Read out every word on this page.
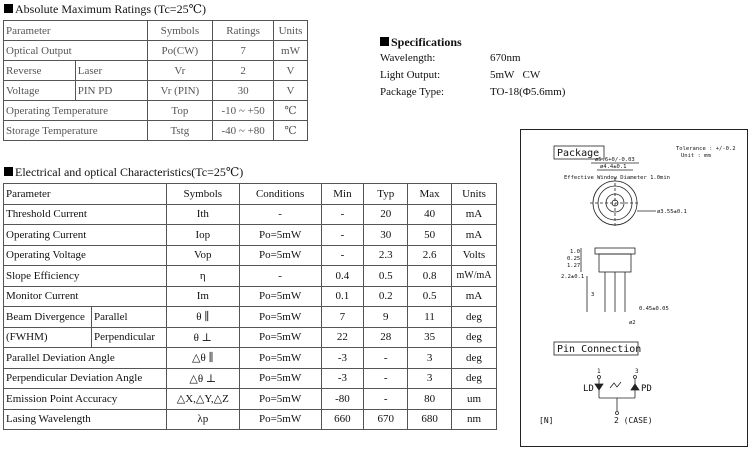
Absolute Maximum Ratings (Tc=25℃)
Parameter		Symbols	Ratings	Units
Optical Output		Po(CW)	7	mW
Reverse	Laser	Vr	2	V
Voltage	PIN PD	Vr (PIN)	30	V
Operating Temperature		Top	-10 ~ +50	℃
Storage Temperature		Tstg	-40 ~ +80	℃
Specifications
Wavelength:	670nm
Light Output:	5mW   CW
Package Type:	TO-18(Φ5.6mm)
Electrical and optical Characteristics(Tc=25℃)
Parameter		Symbols	Conditions	Min	Typ	Max	Units
Threshold Current		Ith	-	-	20	40	mA
Operating Current		Iop	Po=5mW	-	30	50	mA
Operating Voltage		Vop	Po=5mW	-	2.3	2.6	Volts
Slope Efficiency		η	-	0.4	0.5	0.8	mW/mA
Monitor Current		Im	Po=5mW	0.1	0.2	0.5	mA
Beam Divergence	Parallel	θ ∥	Po=5mW	7	9	11	deg
(FWHM)	Perpendicular	θ ⊥	Po=5mW	22	28	35	deg
Parallel Deviation Angle		△θ ∥	Po=5mW	-3	-	3	deg
Perpendicular Deviation Angle		△θ ⊥	Po=5mW	-3	-	3	deg
Emission Point Accuracy		△X,△Y,△Z	Po=5mW	-80	-	80	um
Lasing Wavelength		λp	Po=5mW	660	670	680	nm
Package	Tolerance : +/-0.2
Unit : mm
ø5.6+0/-0.03
ø4.4±0.1
Effective Window Diameter 1.0min
ø3.55±0.1
1.0
0.25
1.27
2.2±0.1
3
0.45±0.05
ø2
Pin Connection
1	3
LD	PD
2 (CASE)
[N]
